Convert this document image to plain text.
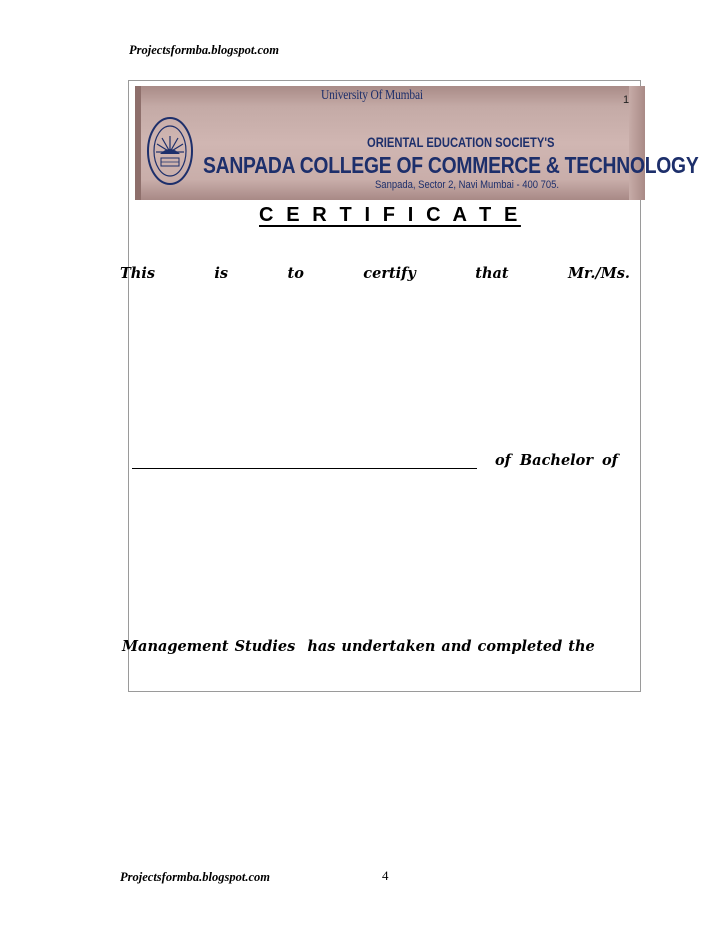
Projectsformba.blogspot.com
University Of Mumbai	1
ORIENTAL EDUCATION SOCIETY'S
SANPADA COLLEGE OF COMMERCE & TECHNOLOGY
Sanpada, Sector 2, Navi Mumbai - 400 705.
C E R T I F I C A T E
This	is	to	certify	that	Mr./Ms.
of Bachelor of
Management Studies has undertaken and completed the
Projectsformba.blogspot.com	4
